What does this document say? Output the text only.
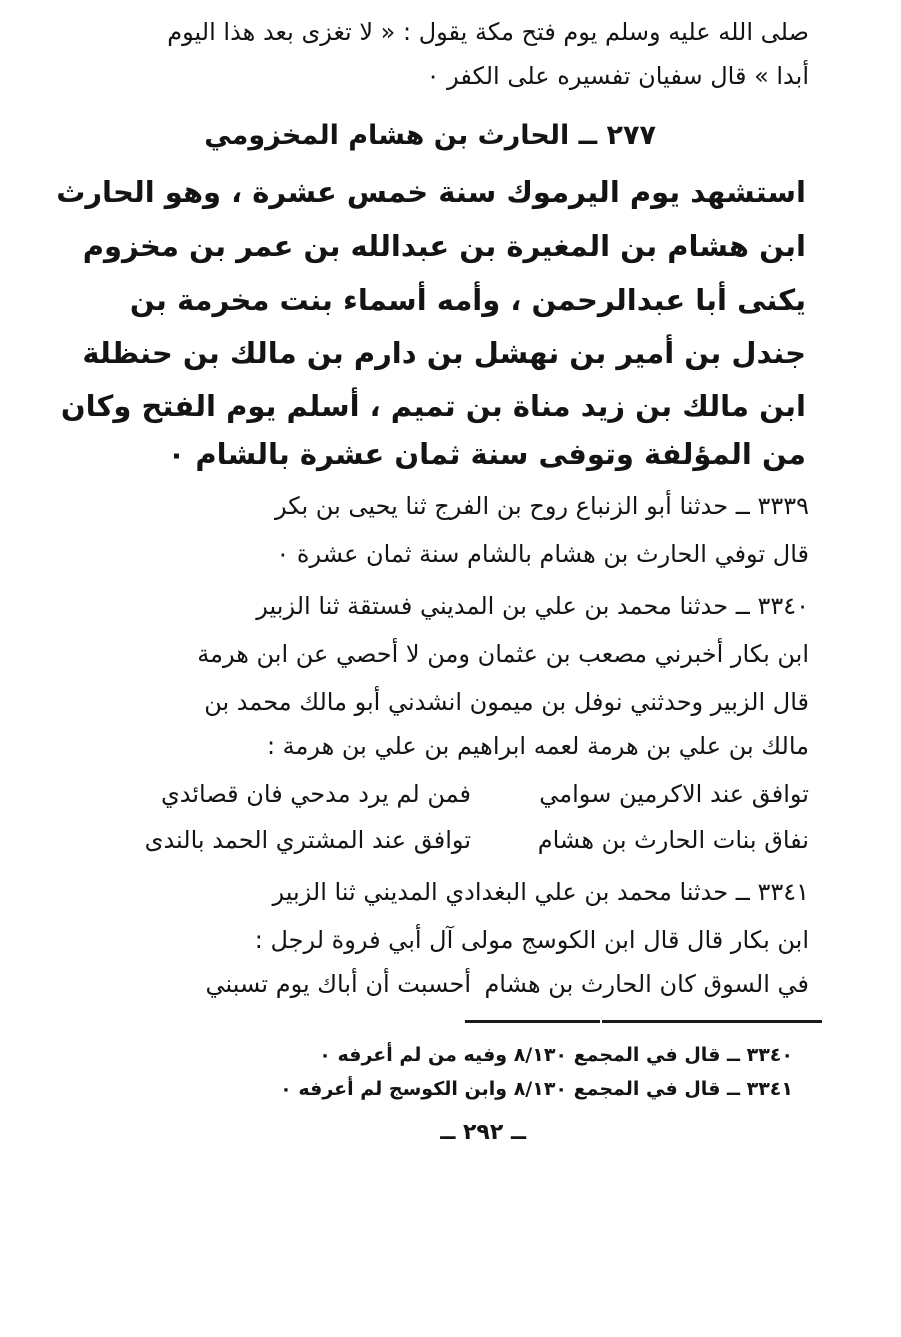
صلى الله عليه وسلم يوم فتح مكة يقول : « لا تغزى بعد هذا اليوم
أبدا » قال سفيان تفسيره على الكفر ٠
٢٧٧ ــ الحارث بن هشام المخزومي
استشهد يوم اليرموك سنة خمس عشرة ، وهو الحارث
ابن هشام بن المغيرة بن عبدالله بن عمر بن مخزوم
يكنى أبا عبدالرحمن ، وأمه أسماء بنت مخرمة بن
جندل بن أمير بن نهشل بن دارم بن مالك بن حنظلة
ابن مالك بن زيد مناة بن تميم ، أسلم يوم الفتح وكان
من المؤلفة وتوفى سنة ثمان عشرة بالشام ٠
٣٣٣٩ ــ حدثنا أبو الزنباع روح بن الفرج ثنا يحيى بن بكر
قال توفي الحارث بن هشام بالشام سنة ثمان عشرة ٠
٣٣٤٠ ــ حدثنا محمد بن علي بن المديني فستقة ثنا الزبير
ابن بكار أخبرني مصعب بن عثمان ومن لا أحصي عن ابن هرمة
قال الزبير وحدثني نوفل بن ميمون انشدني أبو مالك محمد بن
مالك بن علي بن هرمة لعمه ابراهيم بن علي بن هرمة :
فمن لم يرد مدحي فان قصائدي	توافق عند الاكرمين سوامي
توافق عند المشتري الحمد بالندى	نفاق بنات الحارث بن هشام
٣٣٤١ ــ حدثنا محمد بن علي البغدادي المديني ثنا الزبير
ابن بكار قال قال ابن الكوسج مولى آل أبي فروة لرجل :
أحسبت أن أباك يوم تسبني في السوق كان الحارث بن هشام
٣٣٤٠ ــ قال في المجمع ٨/١٣٠ وفيه من لم أعرفه ٠
٣٣٤١ ــ قال في المجمع ٨/١٣٠ وابن الكوسج لم أعرفه ٠
ــ ٢٩٢ ــ
